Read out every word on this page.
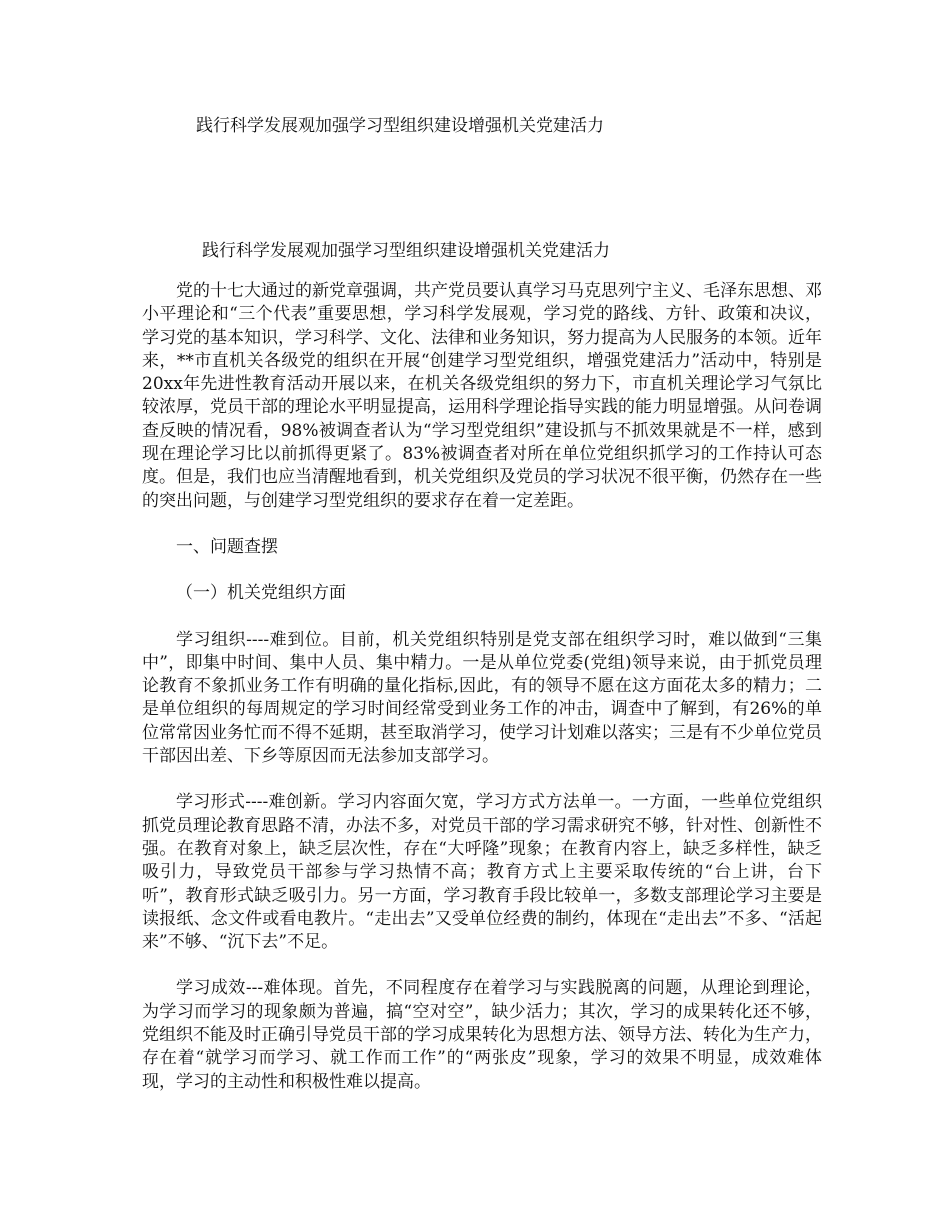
践行科学发展观加强学习型组织建设增强机关党建活力
践行科学发展观加强学习型组织建设增强机关党建活力

党的十七大通过的新党章强调，共产党员要认真学习马克思列宁主义、毛泽东思想、邓小平理论和“三个代表”重要思想，学习科学发展观，学习党的路线、方针、政策和决议，学习党的基本知识，学习科学、文化、法律和业务知识，努力提高为人民服务的本领。近年来，**市直机关各级党的组织在开展“创建学习型党组织，增强党建活力”活动中，特别是20xx年先进性教育活动开展以来，在机关各级党组织的努力下，市直机关理论学习气氛比较浓厚，党员干部的理论水平明显提高，运用科学理论指导实践的能力明显增强。从问卷调查反映的情况看，98%被调查者认为“学习型党组织”建设抓与不抓效果就是不一样，感到现在理论学习比以前抓得更紧了。83%被调查者对所在单位党组织抓学习的工作持认可态度。但是，我们也应当清醒地看到，机关党组织及党员的学习状况不很平衡，仍然存在一些的突出问题，与创建学习型党组织的要求存在着一定差距。

一、问题查摆

（一）机关党组织方面

学习组织----难到位。目前，机关党组织特别是党支部在组织学习时，难以做到“三集中”，即集中时间、集中人员、集中精力。一是从单位党委(党组)领导来说，由于抓党员理论教育不象抓业务工作有明确的量化指标,因此，有的领导不愿在这方面花太多的精力；二是单位组织的每周规定的学习时间经常受到业务工作的冲击，调查中了解到，有26%的单位常常因业务忙而不得不延期，甚至取消学习，使学习计划难以落实；三是有不少单位党员干部因出差、下乡等原因而无法参加支部学习。

学习形式----难创新。学习内容面欠宽，学习方式方法单一。一方面，一些单位党组织抓党员理论教育思路不清，办法不多，对党员干部的学习需求研究不够，针对性、创新性不强。在教育对象上，缺乏层次性，存在“大呼隆”现象；在教育内容上，缺乏多样性，缺乏吸引力，导致党员干部参与学习热情不高；教育方式上主要采取传统的“台上讲，台下听”，教育形式缺乏吸引力。另一方面，学习教育手段比较单一，多数支部理论学习主要是读报纸、念文件或看电教片。“走出去”又受单位经费的制约，体现在“走出去”不多、“活起来”不够、“沉下去”不足。

学习成效---难体现。首先，不同程度存在着学习与实践脱离的问题，从理论到理论，为学习而学习的现象颇为普遍，搞“空对空”，缺少活力；其次，学习的成果转化还不够，党组织不能及时正确引导党员干部的学习成果转化为思想方法、领导方法、转化为生产力，存在着“就学习而学习、就工作而工作”的“两张皮”现象，学习的效果不明显，成效难体现，学习的主动性和积极性难以提高。
